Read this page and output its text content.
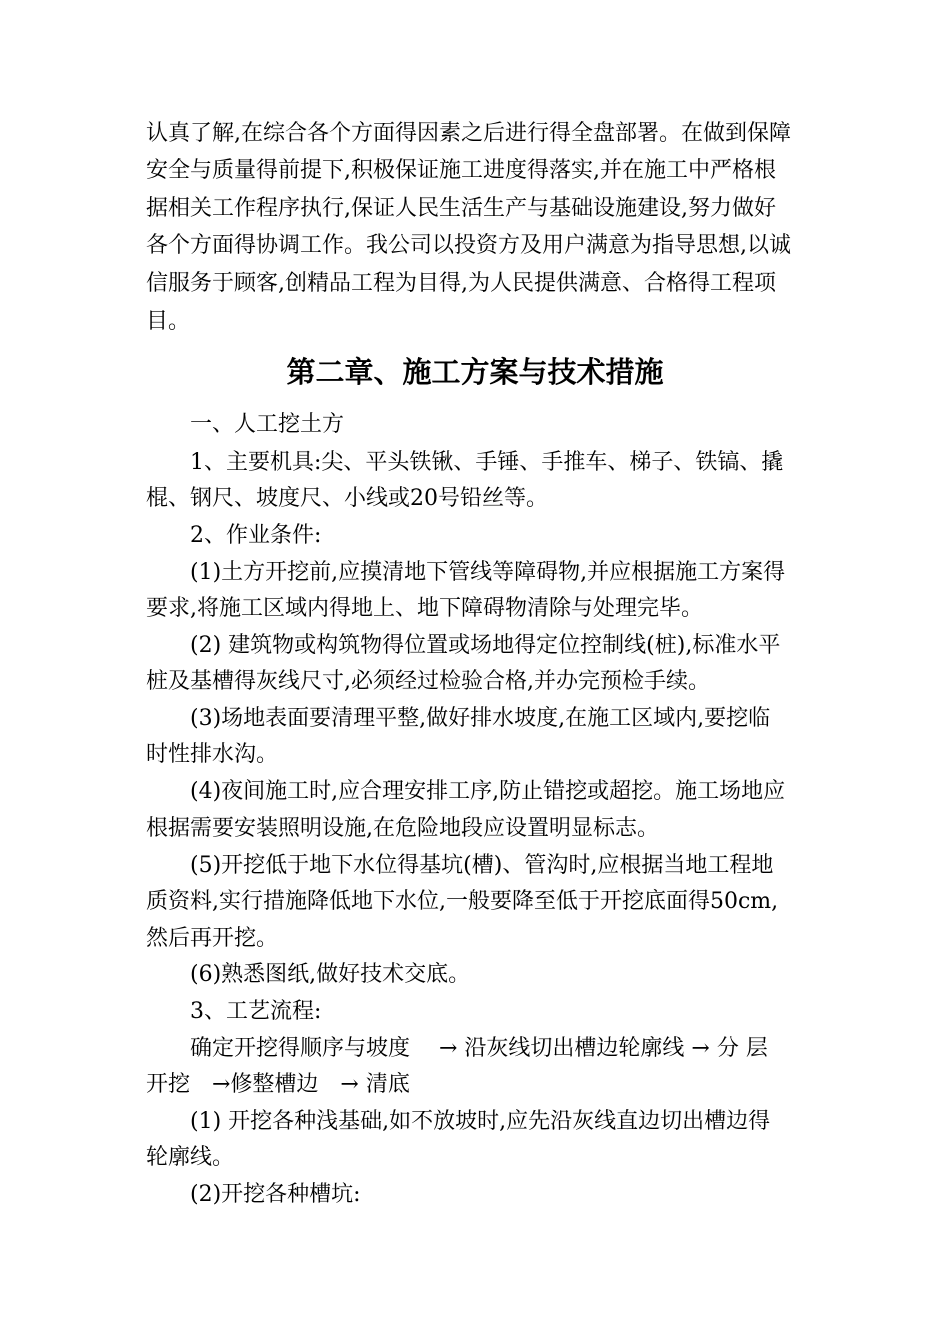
认真了解,在综合各个方面得因素之后进行得全盘部署。在做到保障
安全与质量得前提下,积极保证施工进度得落实,并在施工中严格根
据相关工作程序执行,保证人民生活生产与基础设施建设,努力做好
各个方面得协调工作。我公司以投资方及用户满意为指导思想,以诚
信服务于顾客,创精品工程为目得,为人民提供满意、合格得工程项
目。
第二章、施工方案与技术措施
一、人工挖土方
1、主要机具:尖、平头铁锹、手锤、手推车、梯子、铁镐、撬
棍、钢尺、坡度尺、小线或20号铅丝等。
2、作业条件:
(1)土方开挖前,应摸清地下管线等障碍物,并应根据施工方案得
要求,将施工区域内得地上、地下障碍物清除与处理完毕。
(2) 建筑物或构筑物得位置或场地得定位控制线(桩),标准水平
桩及基槽得灰线尺寸,必须经过检验合格,并办完预检手续。
(3)场地表面要清理平整,做好排水坡度,在施工区域内,要挖临
时性排水沟。
(4)夜间施工时,应合理安排工序,防止错挖或超挖。施工场地应
根据需要安装照明设施,在危险地段应设置明显标志。
(5)开挖低于地下水位得基坑(槽)、管沟时,应根据当地工程地
质资料,实行措施降低地下水位,一般要降至低于开挖底面得50cm,
然后再开挖。
(6)熟悉图纸,做好技术交底。
3、工艺流程:
确定开挖得顺序与坡度　 → 沿灰线切出槽边轮廓线 → 分 层
开挖　→修整槽边　→ 清底
(1) 开挖各种浅基础,如不放坡时,应先沿灰线直边切出槽边得
轮廓线。
(2)开挖各种槽坑:
